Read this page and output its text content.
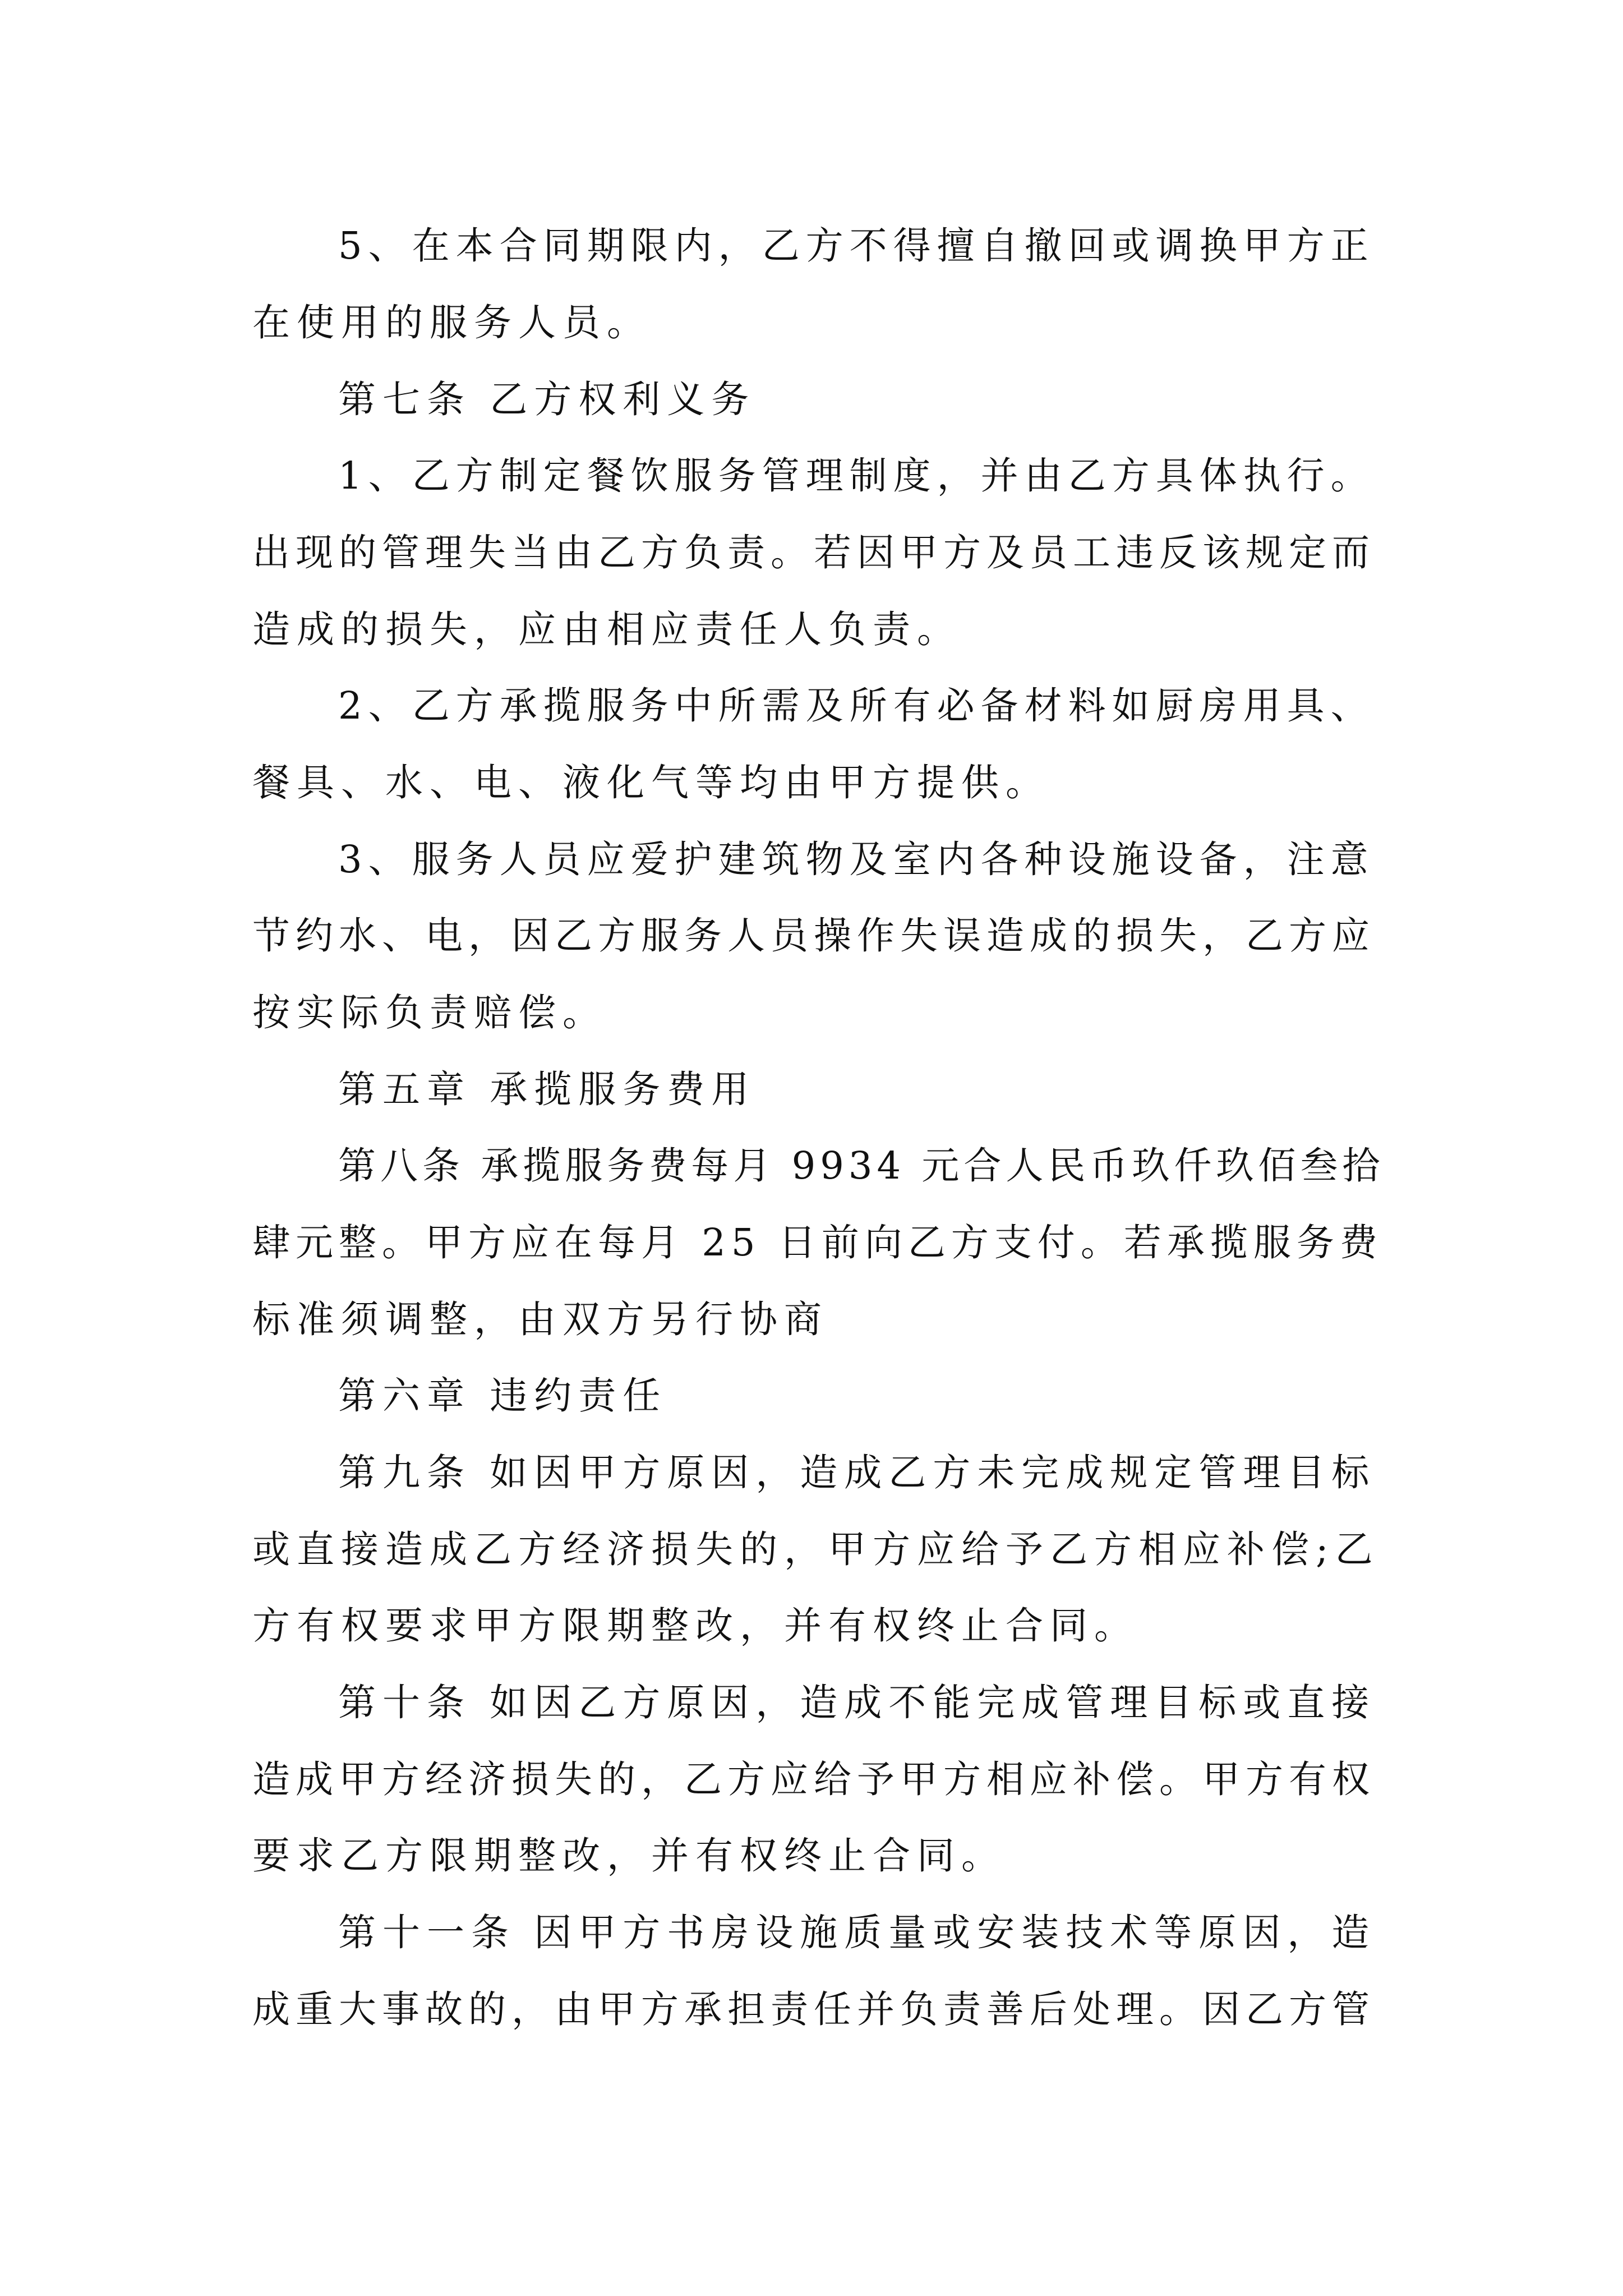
5、在本合同期限内，乙方不得擅自撤回或调换甲方正
在使用的服务人员。
第七条 乙方权利义务
1、乙方制定餐饮服务管理制度，并由乙方具体执行。
出现的管理失当由乙方负责。若因甲方及员工违反该规定而
造成的损失，应由相应责任人负责。
2、乙方承揽服务中所需及所有必备材料如厨房用具、
餐具、水、电、液化气等均由甲方提供。
3、服务人员应爱护建筑物及室内各种设施设备，注意
节约水、电，因乙方服务人员操作失误造成的损失，乙方应
按实际负责赔偿。
第五章 承揽服务费用
第八条 承揽服务费每月 9934 元合人民币玖仟玖佰叁拾
肆元整。甲方应在每月 25 日前向乙方支付。若承揽服务费
标准须调整，由双方另行协商
第六章 违约责任
第九条 如因甲方原因，造成乙方未完成规定管理目标
或直接造成乙方经济损失的，甲方应给予乙方相应补偿;乙
方有权要求甲方限期整改，并有权终止合同。
第十条 如因乙方原因，造成不能完成管理目标或直接
造成甲方经济损失的，乙方应给予甲方相应补偿。甲方有权
要求乙方限期整改，并有权终止合同。
第十一条 因甲方书房设施质量或安装技术等原因，造
成重大事故的，由甲方承担责任并负责善后处理。因乙方管
